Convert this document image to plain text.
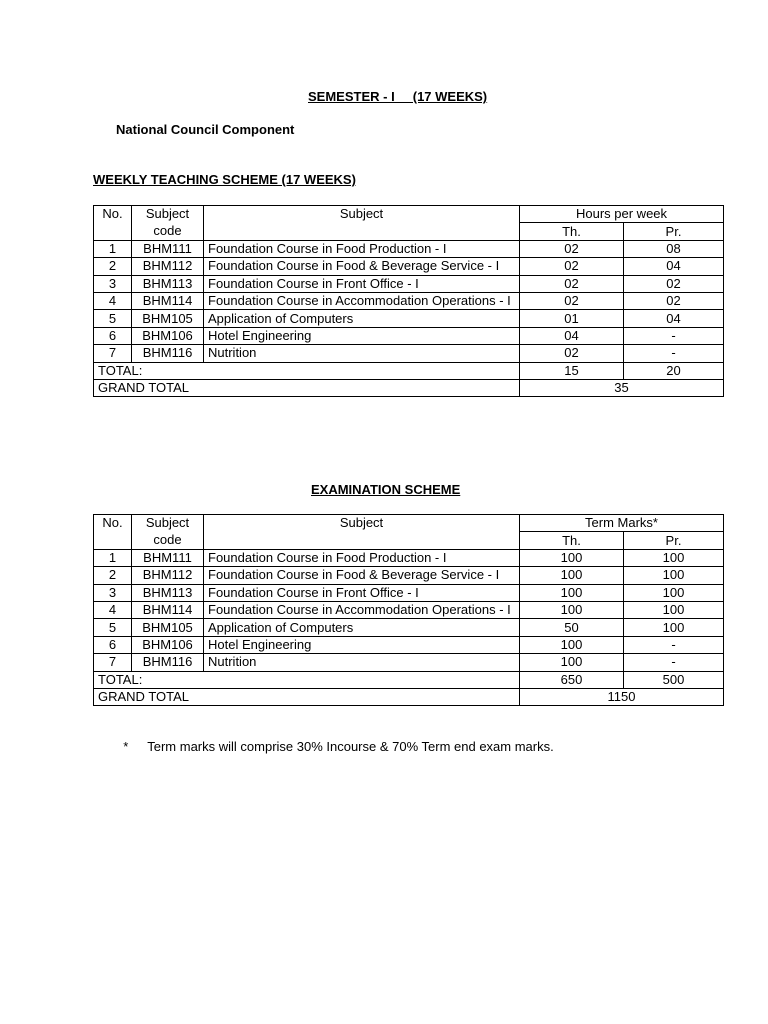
SEMESTER - I     (17 WEEKS)
National Council Component
WEEKLY TEACHING SCHEME (17 WEEKS)
No.	Subject	Subject	Hours per week	
	code		Th.	Pr.
1	BHM111	Foundation Course in Food Production - I	02	08
2	BHM112	Foundation Course in Food & Beverage Service - I	02	04
3	BHM113	Foundation Course in Front Office - I	02	02
4	BHM114	Foundation Course in Accommodation Operations - I	02	02
5	BHM105	Application of Computers	01	04
6	BHM106	Hotel Engineering	04	-
7	BHM116	Nutrition	02	-
TOTAL:			15	20
GRAND TOTAL			35	
EXAMINATION SCHEME
No.	Subject	Subject	Term Marks*	
	code		Th.	Pr.
1	BHM111	Foundation Course in Food Production - I	100	100
2	BHM112	Foundation Course in Food & Beverage Service - I	100	100
3	BHM113	Foundation Course in Front Office - I	100	100
4	BHM114	Foundation Course in Accommodation Operations - I	100	100
5	BHM105	Application of Computers	50	100
6	BHM106	Hotel Engineering	100	-
7	BHM116	Nutrition	100	-
TOTAL:			650	500
GRAND TOTAL			1150	

* Term marks will comprise 30% Incourse & 70% Term end exam marks.
